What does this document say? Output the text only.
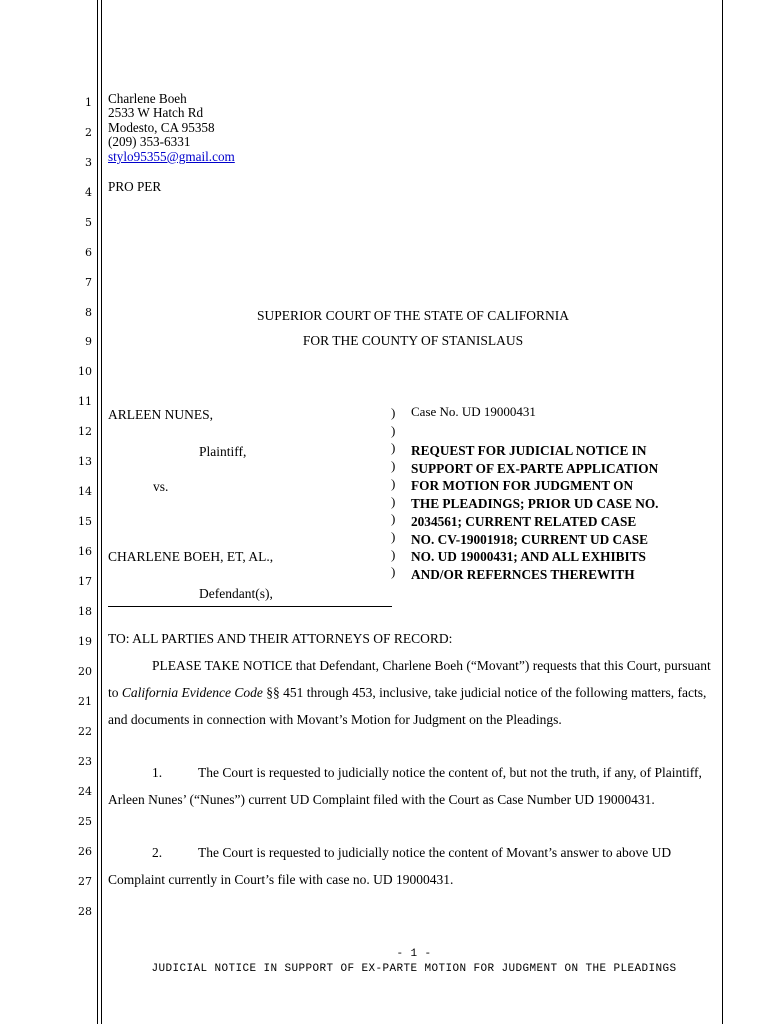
1
2
3
4
5
6
7
8
9
10
11
12
13
14
15
16
17
18
19
20
21
22
23
24
25
26
27
28
Charlene Boeh
2533 W Hatch Rd
Modesto, CA 95358
(209) 353-6331
stylo95355@gmail.com
PRO PER
SUPERIOR COURT OF THE STATE OF CALIFORNIA
FOR THE COUNTY OF STANISLAUS
ARLEEN NUNES,
Plaintiff,
vs.
CHARLENE BOEH, ET, AL.,
Defendant(s),
)
)
)
)
)
)
)
)
)
)
Case No. UD 19000431
REQUEST FOR JUDICIAL NOTICE IN
SUPPORT OF EX-PARTE APPLICATION
FOR MOTION FOR JUDGMENT ON
THE PLEADINGS; PRIOR UD CASE NO.
2034561; CURRENT RELATED CASE
NO. CV-19001918; CURRENT UD CASE
NO. UD 19000431; AND ALL EXHIBITS
AND/OR REFERNCES THEREWITH
TO: ALL PARTIES AND THEIR ATTORNEYS OF RECORD:
PLEASE TAKE NOTICE that Defendant, Charlene Boeh (“Movant”) requests that this Court, pursuant to California Evidence Code §§ 451 through 453, inclusive, take judicial notice of the following matters, facts, and documents in connection with Movant’s Motion for Judgment on the Pleadings.
1.	The Court is requested to judicially notice the content of, but not the truth, if any, of Plaintiff, Arleen Nunes’ (“Nunes”) current UD Complaint filed with the Court as Case Number UD 19000431.
2.	The Court is requested to judicially notice the content of Movant’s answer to above UD Complaint currently in Court’s file with case no. UD 19000431.
- 1 -
JUDICIAL NOTICE IN SUPPORT OF EX-PARTE MOTION FOR JUDGMENT ON THE PLEADINGS
